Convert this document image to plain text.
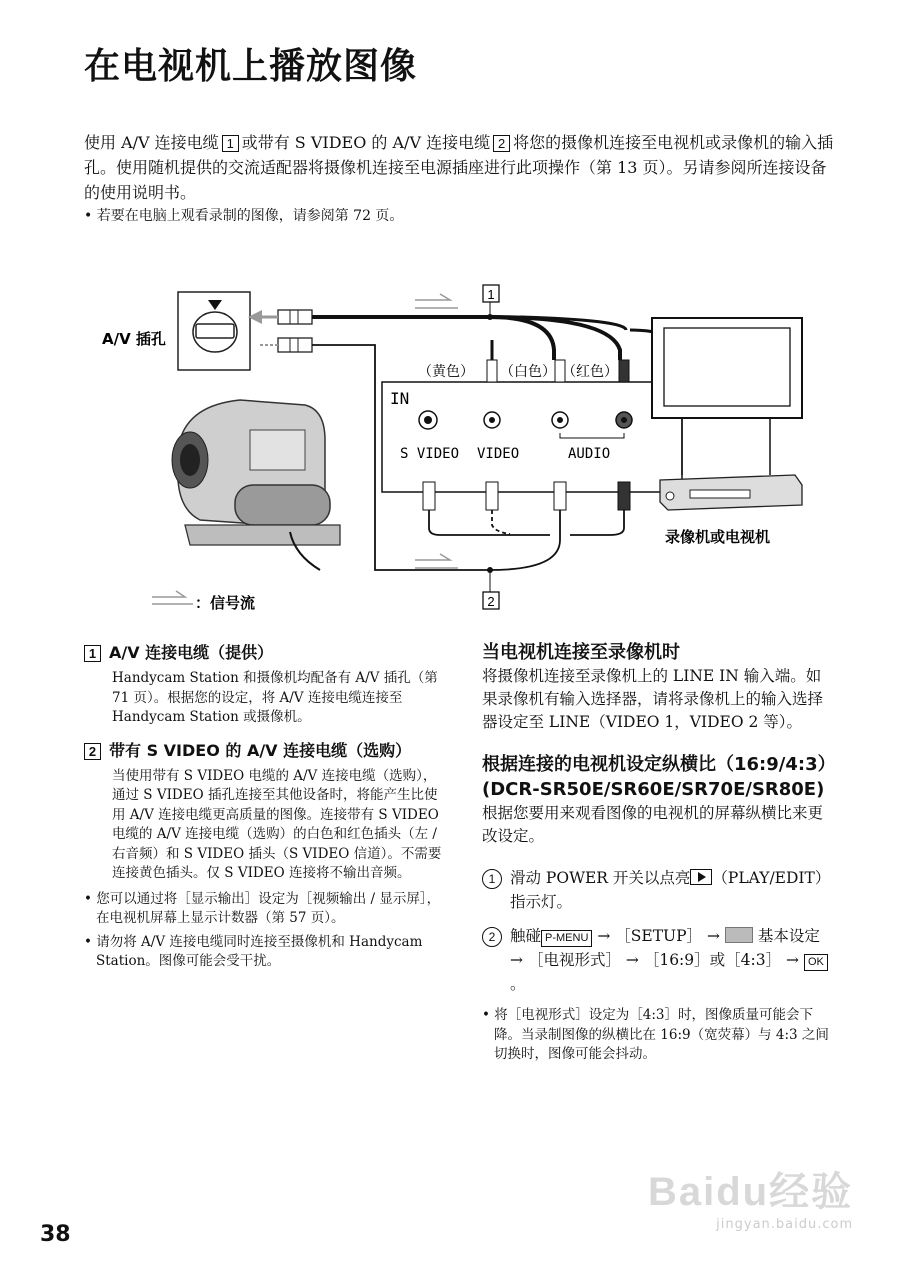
在电视机上播放图像

使用 A/V 连接电缆 1 或带有 S VIDEO 的 A/V 连接电缆 2 将您的摄像机连接至电视机或录像机的输入插孔。使用随机提供的交流适配器将摄像机连接至电源插座进行此项操作（第 13 页）。另请参阅所连接设备的使用说明书。

• 若要在电脑上观看录制的图像，请参阅第 72 页。
A/V 插孔
1
2
IN
S VIDEO VIDEO	AUDIO
（黄色） （白色） （红色）
录像机或电视机
：信号流
1 A/V 连接电缆（提供）

Handycam Station 和摄像机均配备有 A/V 插孔（第 71 页）。根据您的设定，将 A/V 连接电缆连接至 Handycam Station 或摄像机。

2 带有 S VIDEO 的 A/V 连接电缆（选购）

当使用带有 S VIDEO 电缆的 A/V 连接电缆（选购），通过 S VIDEO 插孔连接至其他设备时，将能产生比使用 A/V 连接电缆更高质量的图像。连接带有 S VIDEO 电缆的 A/V 连接电缆（选购）的白色和红色插头（左 / 右音频）和 S VIDEO 插头（S VIDEO 信道）。不需要连接黄色插头。仅 S VIDEO 连接将不输出音频。

• 您可以通过将［显示输出］设定为［视频输出 / 显示屏］，在电视机屏幕上显示计数器（第 57 页）。

• 请勿将 A/V 连接电缆同时连接至摄像机和 Handycam Station。图像可能会受干扰。

当电视机连接至录像机时

将摄像机连接至录像机上的 LINE IN 输入端。如果录像机有输入选择器，请将录像机上的输入选择器设定至 LINE（VIDEO 1，VIDEO 2 等）。

根据连接的电视机设定纵横比（16:9/4:3）(DCR-SR50E/SR60E/SR70E/SR80E)

根据您要用来观看图像的电视机的屏幕纵横比来更改设定。

1 滑动 POWER 开关以点亮 （PLAY/EDIT）指示灯。

2 触碰 P-MENU → ［SETUP］ → 基本设定 → ［电视形式］ → ［16:9］或［4:3］ → OK。

• 将［电视形式］设定为［4:3］时，图像质量可能会下降。当录制图像的纵横比在 16:9（宽荧幕）与 4:3 之间切换时，图像可能会抖动。

Baidu经验
jingyan.baidu.com
38
